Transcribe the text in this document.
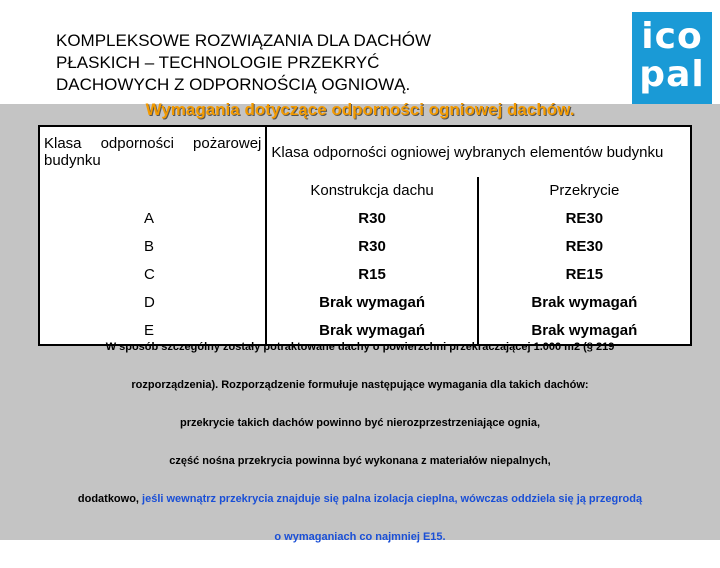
KOMPLEKSOWE ROZWIĄZANIA DLA DACHÓW
PŁASKICH – TECHNOLOGIE PRZEKRYĆ
DACHOWYCH Z ODPORNOŚCIĄ OGNIOWĄ.
ico
pal
Wymagania dotyczące odporności ogniowej dachów.
Klasa odporności pożarowej budynku	Klasa odporności ogniowej wybranych elementów budynku	
	Konstrukcja dachu	Przekrycie
A	R30	RE30
B	R30	RE30
C	R15	RE15
D	Brak wymagań	Brak wymagań
E	Brak wymagań	Brak wymagań

W sposób szczególny zostały potraktowane dachy o powierzchni przekraczającej 1.000 m2 (§ 219

rozporządzenia). Rozporządzenie formułuje następujące wymagania dla takich dachów:

przekrycie takich dachów powinno być nierozprzestrzeniające ognia,

część nośna przekrycia powinna być wykonana z materiałów niepalnych,

dodatkowo, jeśli wewnątrz przekrycia znajduje się palna izolacja cieplna, wówczas oddziela się ją przegrodą

o wymaganiach co najmniej E15.
